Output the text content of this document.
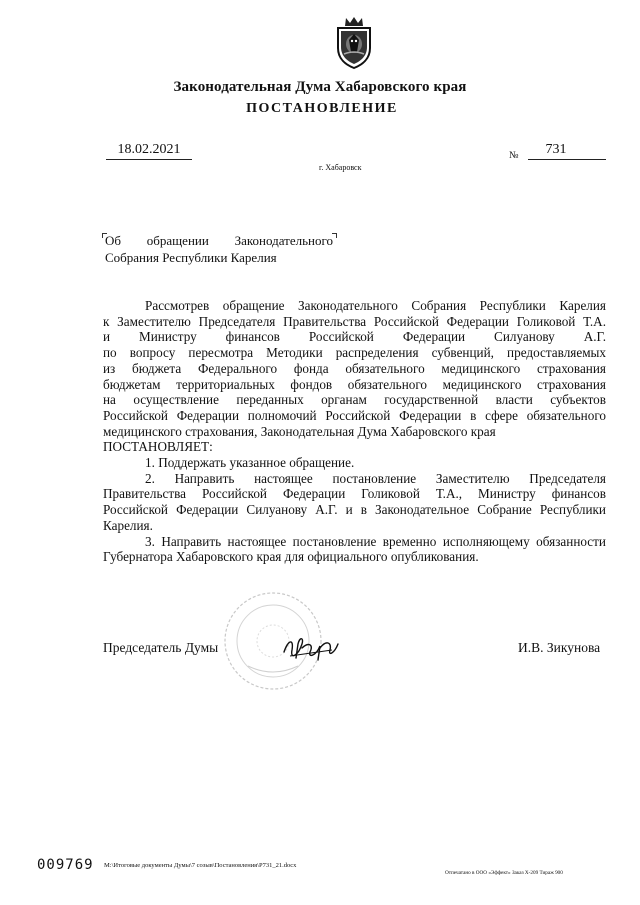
Законодательная Дума Хабаровского края
ПОСТАНОВЛЕНИЕ
18.02.2021	№	731
г. Хабаровск
Об обращении Законодательного
Собрания Республики Карелия

Рассмотрев обращение Законодательного Собрания Республики Карелия

к Заместителю Председателя Правительства Российской Федерации Голиковой Т.А.

и Министру финансов Российской Федерации Силуанову А.Г.

по вопросу пересмотра Методики распределения субвенций, предоставляемых

из бюджета Федерального фонда обязательного медицинского страхования

бюджетам территориальных фондов обязательного медицинского страхования

на осуществление переданных органам государственной власти субъектов

Российской Федерации полномочий Российской Федерации в сфере обязательного

медицинского страхования, Законодательная Дума Хабаровского края

ПОСТАНОВЛЯЕТ:

1. Поддержать указанное обращение.

2. Направить настоящее постановление Заместителю Председателя

Правительства Российской Федерации Голиковой Т.А., Министру финансов

Российской Федерации Силуанову А.Г. и в Законодательное Собрание Республики

Карелия.

3. Направить настоящее постановление временно исполняющему обязанности

Губернатора Хабаровского края для официального опубликования.

Председатель Думы	И.В. Зикунова
009769 M:\Итоговые документы Думы\7 созыв\Постановления\P731_21.docx
Отпечатано в ООО «Эффект» Заказ Х-209 Тираж 900
